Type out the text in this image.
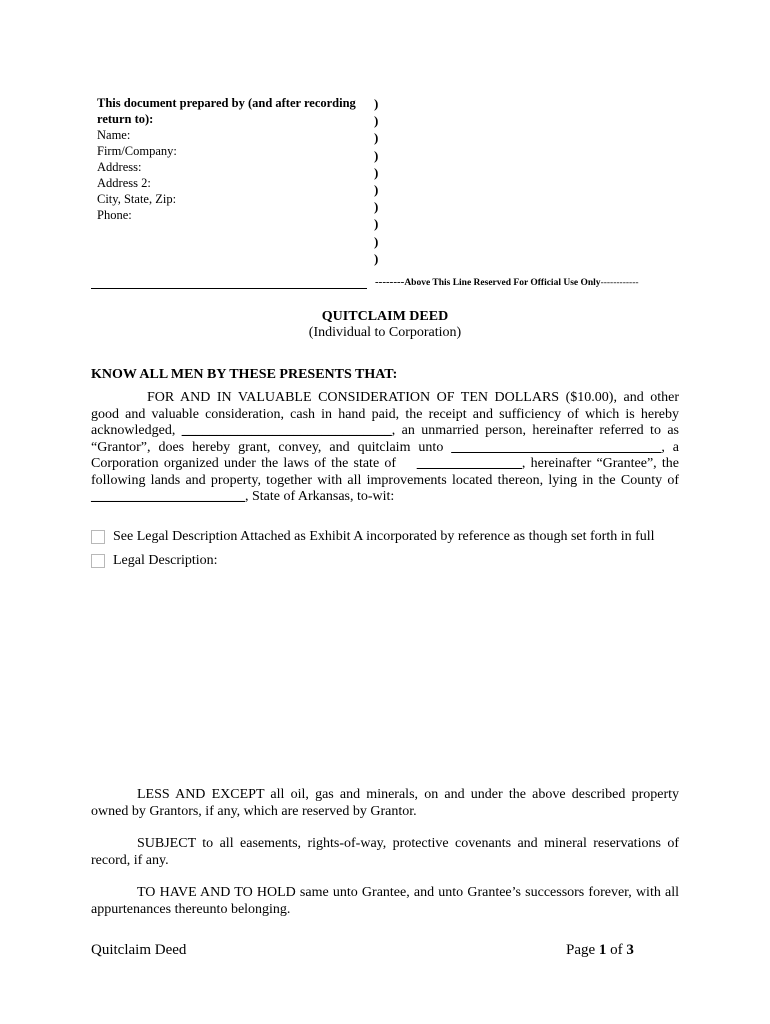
This document prepared by (and after recording return to):
Name:
Firm/Company:
Address:
Address 2:
City, State, Zip:
Phone:
)
)
)
)
)
)
)
)
)
)
--------Above This Line Reserved For Official Use Only------------
QUITCLAIM DEED
(Individual to Corporation)
KNOW ALL MEN BY THESE PRESENTS THAT:
FOR AND IN VALUABLE CONSIDERATION OF TEN DOLLARS ($10.00), and other good and valuable consideration, cash in hand paid, the receipt and sufficiency of which is hereby acknowledged, ______________________________, an unmarried person, hereinafter referred to as “Grantor”, does hereby grant, convey, and quitclaim unto ______________________________, a Corporation organized under the laws of the state of _______________, hereinafter “Grantee”, the following lands and property, together with all improvements located thereon, lying in the County of ______________________, State of Arkansas, to-wit:
See Legal Description Attached as Exhibit A incorporated by reference as though set forth in full
Legal Description:
LESS AND EXCEPT all oil, gas and minerals, on and under the above described property owned by Grantors, if any, which are reserved by Grantor.
SUBJECT to all easements, rights-of-way, protective covenants and mineral reservations of record, if any.
TO HAVE AND TO HOLD same unto Grantee, and unto Grantee’s successors forever, with all appurtenances thereunto belonging.
Quitclaim Deed	Page 1 of 3
